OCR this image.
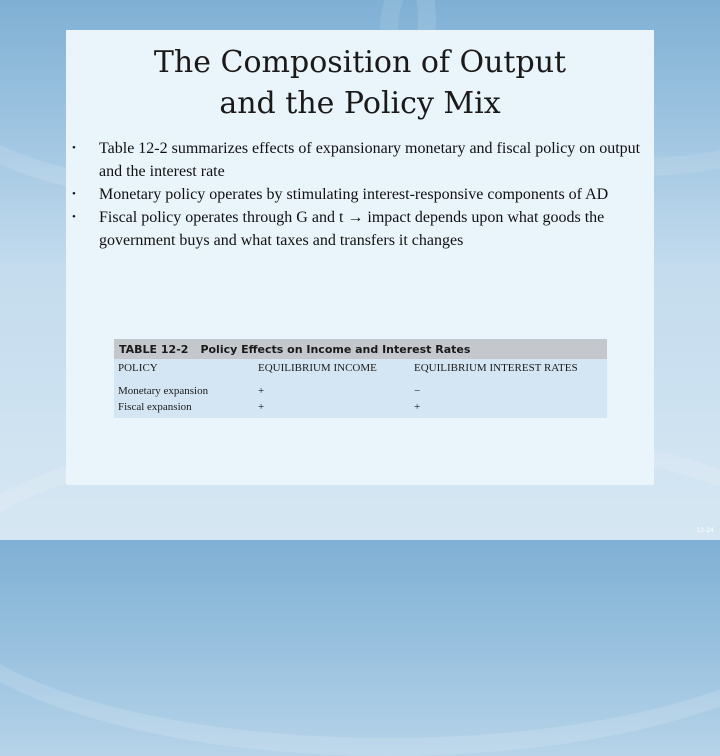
The Composition of Output
and the Policy Mix
• Table 12-2 summarizes effects of expansionary monetary and fiscal policy on output and the interest rate
• Monetary policy operates by stimulating interest-responsive components of AD
• Fiscal policy operates through G and t → impact depends upon what goods the government buys and what taxes and transfers it changes
TABLE 12-2 Policy Effects on Income and Interest Rates
POLICY	EQUILIBRIUM INCOME	EQUILIBRIUM INTEREST RATES
Monetary expansion	+	−
Fiscal expansion	+	+
12-24
